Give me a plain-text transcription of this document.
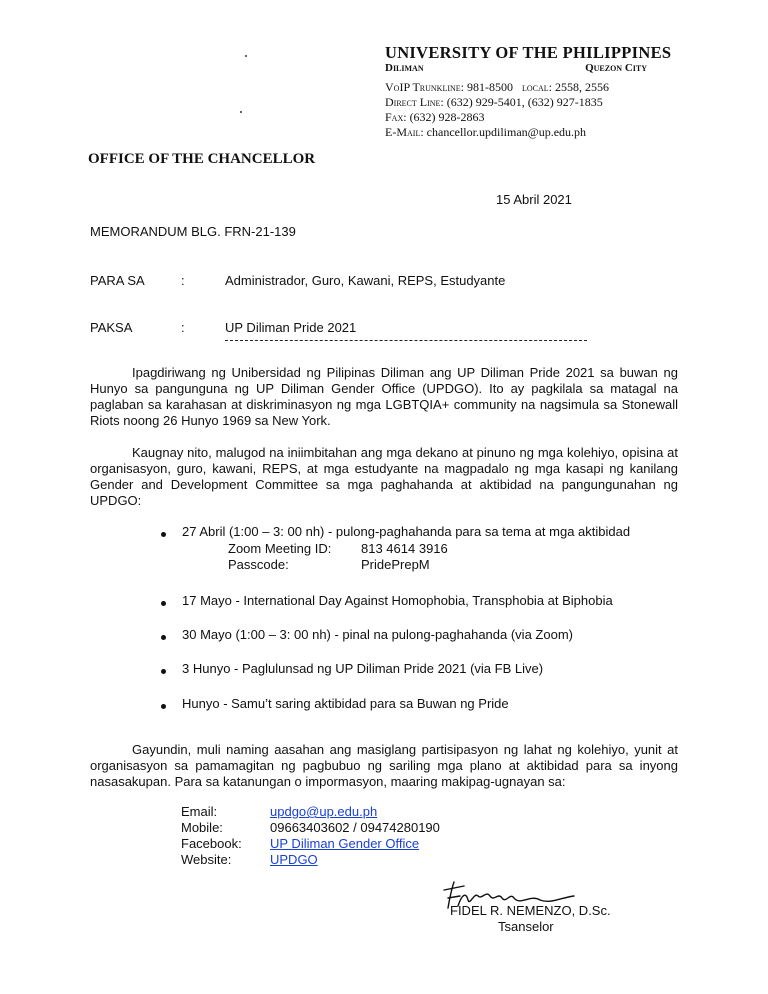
UNIVERSITY OF THE PHILIPPINES
Diliman	Quezon City
VoIP Trunkline: 981-8500 local: 2558, 2556
Direct Line: (632) 929-5401, (632) 927-1835
Fax: (632) 928-2863
E-Mail: chancellor.updiliman@up.edu.ph
OFFICE OF THE CHANCELLOR
15 Abril 2021
MEMORANDUM BLG. FRN-21-139
PARA SA	:	Administrador, Guro, Kawani, REPS, Estudyante
PAKSA	:	UP Diliman Pride 2021
Ipagdiriwang ng Unibersidad ng Pilipinas Diliman ang UP Diliman Pride 2021 sa buwan ng Hunyo sa pangunguna ng UP Diliman Gender Office (UPDGO). Ito ay pagkilala sa matagal na paglaban sa karahasan at diskriminasyon ng mga LGBTQIA+ community na nagsimula sa Stonewall Riots noong 26 Hunyo 1969 sa New York.
Kaugnay nito, malugod na iniimbitahan ang mga dekano at pinuno ng mga kolehiyo, opisina at organisasyon, guro, kawani, REPS, at mga estudyante na magpadalo ng mga kasapi ng kanilang Gender and Development Committee sa mga paghahanda at aktibidad na pangungunahan ng UPDGO:
27 Abril (1:00 – 3: 00 nh) - pulong-paghahanda para sa tema at mga aktibidad
Zoom Meeting ID: 813 4614 3916
Passcode:	PridePrepM
17 Mayo - International Day Against Homophobia, Transphobia at Biphobia
30 Mayo (1:00 – 3: 00 nh) - pinal na pulong-paghahanda (via Zoom)
3 Hunyo - Paglulunsad ng UP Diliman Pride 2021 (via FB Live)
Hunyo - Samu’t saring aktibidad para sa Buwan ng Pride
Gayundin, muli naming aasahan ang masiglang partisipasyon ng lahat ng kolehiyo, yunit at organisasyon sa pamamagitan ng pagbubuo ng sariling mga plano at aktibidad para sa inyong nasasakupan. Para sa katanungan o impormasyon, maaring makipag-ugnayan sa:
Email:	updgo@up.edu.ph
Mobile:	09663403602 / 09474280190
Facebook: UP Diliman Gender Office
Website:	UPDGO
FIDEL R. NEMENZO, D.Sc.
Tsanselor
